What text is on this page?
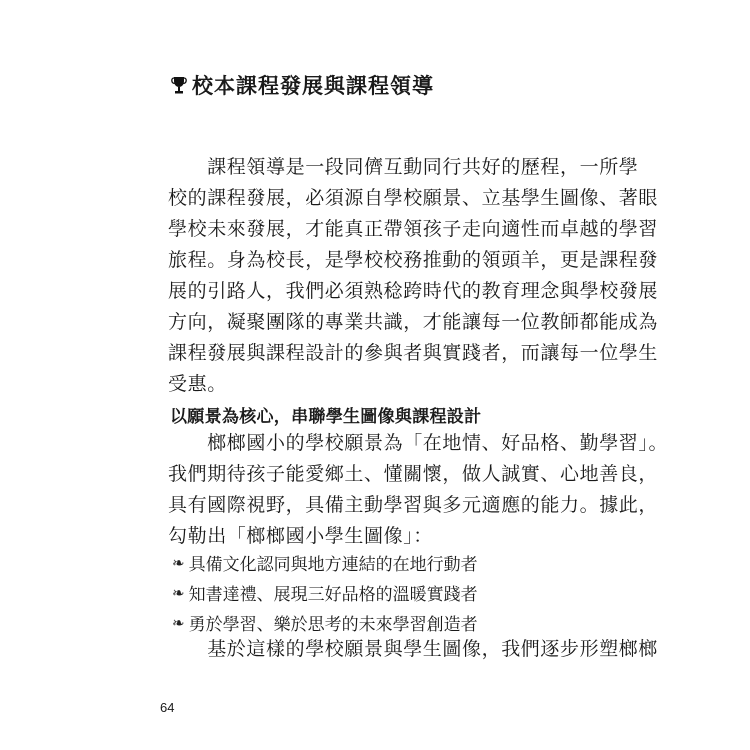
校本課程發展與課程領導
　　課程領導是一段同儕互動同行共好的歷程，一所學
校的課程發展，必須源自學校願景、立基學生圖像、著眼
學校未來發展，才能真正帶領孩子走向適性而卓越的學習
旅程。身為校長，是學校校務推動的領頭羊，更是課程發
展的引路人，我們必須熟稔跨時代的教育理念與學校發展
方向，凝聚團隊的專業共識，才能讓每一位教師都能成為
課程發展與課程設計的參與者與實踐者，而讓每一位學生
受惠。
以願景為核心，串聯學生圖像與課程設計
　　榔榔國小的學校願景為「在地情、好品格、勤學習」。
我們期待孩子能愛鄉土、懂關懷，做人誠實、心地善良，
具有國際視野，具備主動學習與多元適應的能力。據此，
勾勒出「榔榔國小學生圖像」：
❧ 具備文化認同與地方連結的在地行動者
❧ 知書達禮、展現三好品格的溫暖實踐者
❧ 勇於學習、樂於思考的未來學習創造者
　　基於這樣的學校願景與學生圖像，我們逐步形塑榔榔
64
